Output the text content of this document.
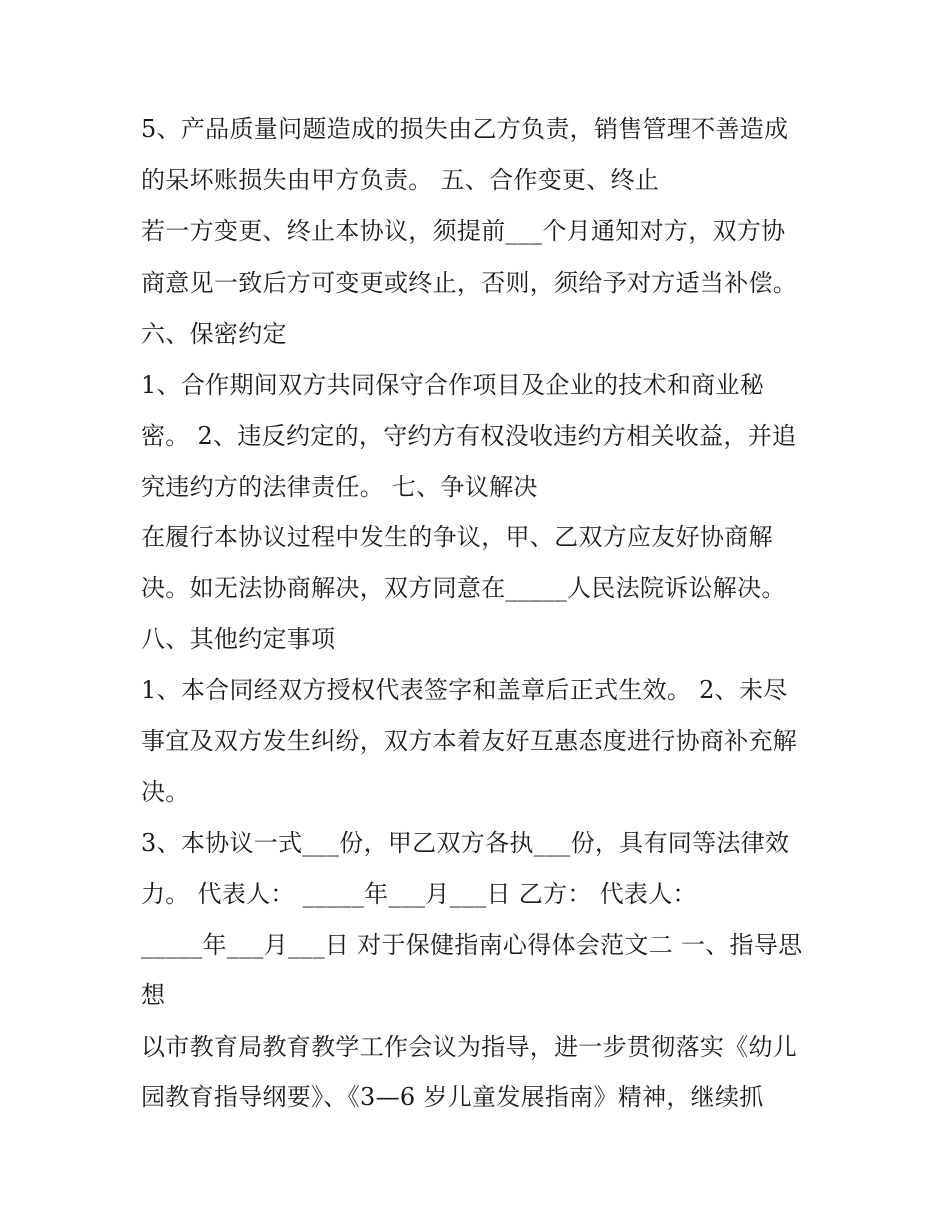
5、产品质量问题造成的损失由乙方负责，销售管理不善造成
的呆坏账损失由甲方负责。 五、合作变更、终止
若一方变更、终止本协议，须提前___个月通知对方，双方协
商意见一致后方可变更或终止，否则，须给予对方适当补偿。
六、保密约定
1、合作期间双方共同保守合作项目及企业的技术和商业秘
密。 2、违反约定的，守约方有权没收违约方相关收益，并追
究违约方的法律责任。 七、争议解决
在履行本协议过程中发生的争议，甲、乙双方应友好协商解
决。如无法协商解决，双方同意在_____人民法院诉讼解决。
八、其他约定事项
1、本合同经双方授权代表签字和盖章后正式生效。 2、未尽
事宜及双方发生纠纷，双方本着友好互惠态度进行协商补充解
决。
3、本协议一式___份，甲乙双方各执___份，具有同等法律效
力。 代表人： _____年___月___日 乙方： 代表人：
_____年___月___日 对于保健指南心得体会范文二 一、指导思
想
以市教育局教育教学工作会议为指导，进一步贯彻落实《幼儿
园教育指导纲要》、《3—6 岁儿童发展指南》精神，继续抓
